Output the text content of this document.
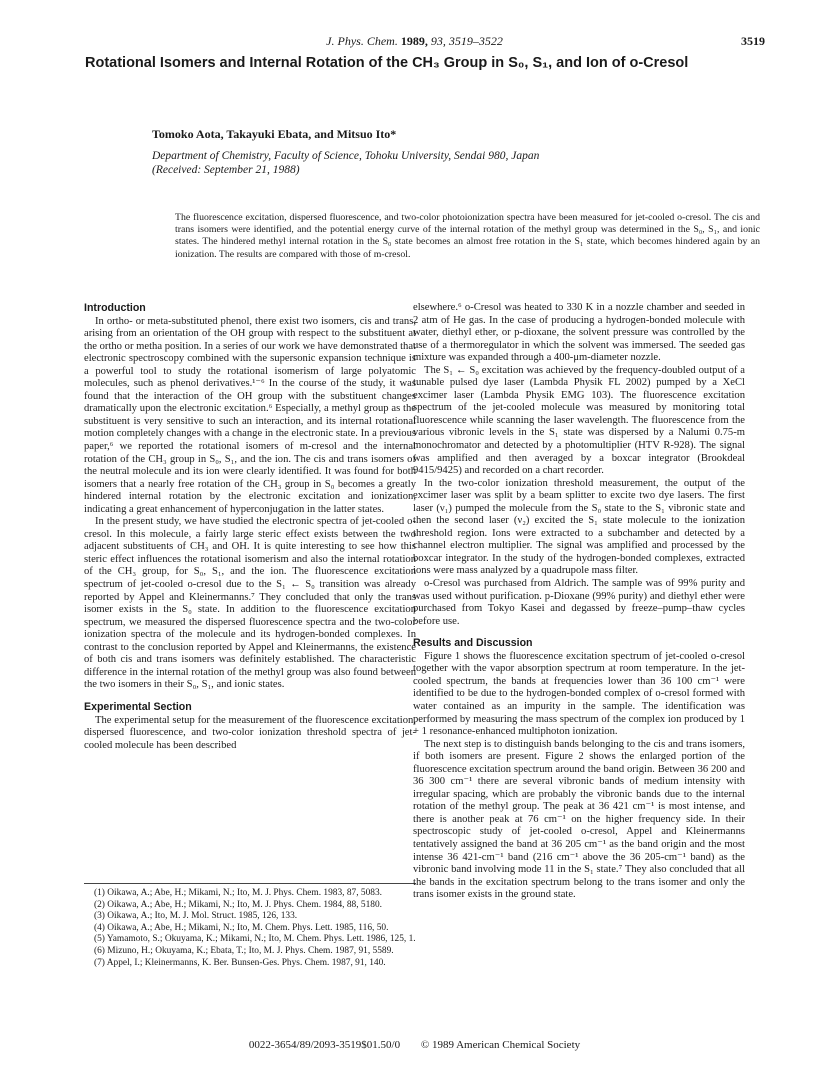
J. Phys. Chem. 1989, 93, 3519–3522	3519
Rotational Isomers and Internal Rotation of the CH₃ Group in S₀, S₁, and Ion of o-Cresol
Tomoko Aota, Takayuki Ebata, and Mitsuo Ito*
Department of Chemistry, Faculty of Science, Tohoku University, Sendai 980, Japan
(Received: September 21, 1988)
The fluorescence excitation, dispersed fluorescence, and two-color photoionization spectra have been measured for jet-cooled o-cresol. The cis and trans isomers were identified, and the potential energy curve of the internal rotation of the methyl group was determined in the S₀, S₁, and ionic states. The hindered methyl internal rotation in the S₀ state becomes an almost free rotation in the S₁ state, which becomes hindered again by an ionization. The results are compared with those of m-cresol.
Introduction

In ortho- or meta-substituted phenol, there exist two isomers, cis and trans, arising from an orientation of the OH group with respect to the substituent at the ortho or metha position. In a series of our work we have demonstrated that electronic spectroscopy combined with the supersonic expansion technique is a powerful tool to study the rotational isomerism of large polyatomic molecules, such as phenol derivatives.¹⁻⁶ In the course of the study, it was found that the interaction of the OH group with the substituent changes dramatically upon the electronic excitation.⁶ Especially, a methyl group as the substituent is very sensitive to such an interaction, and its internal rotational motion completely changes with a change in the electronic state. In a previous paper,⁶ we reported the rotational isomers of m-cresol and the internal rotation of the CH₃ group in S₀, S₁, and the ion. The cis and trans isomers of the neutral molecule and its ion were clearly identified. It was found for both isomers that a nearly free rotation of the CH₃ group in S₀ becomes a greatly hindered internal rotation by the electronic excitation and ionization, indicating a great enhancement of hyperconjugation in the latter states.

In the present study, we have studied the electronic spectra of jet-cooled o-cresol. In this molecule, a fairly large steric effect exists between the two adjacent substituents of CH₃ and OH. It is quite interesting to see how this steric effect influences the rotational isomerism and also the internal rotation of the CH₃ group, for S₀, S₁, and the ion. The fluorescence excitation spectrum of jet-cooled o-cresol due to the S₁ ← S₀ transition was already reported by Appel and Kleinermanns.⁷ They concluded that only the trans isomer exists in the S₀ state. In addition to the fluorescence excitation spectrum, we measured the dispersed fluorescence spectra and the two-color ionization spectra of the molecule and its hydrogen-bonded complexes. In contrast to the conclusion reported by Appel and Kleinermanns, the existence of both cis and trans isomers was definitely established. The characteristic difference in the internal rotation of the methyl group was also found between the two isomers in their S₀, S₁, and ionic states.

Experimental Section

The experimental setup for the measurement of the fluorescence excitation, dispersed fluorescence, and two-color ionization threshold spectra of jet-cooled molecule has been described

(1) Oikawa, A.; Abe, H.; Mikami, N.; Ito, M. J. Phys. Chem. 1983, 87, 5083.
(2) Oikawa, A.; Abe, H.; Mikami, N.; Ito, M. J. Phys. Chem. 1984, 88, 5180.
(3) Oikawa, A.; Ito, M. J. Mol. Struct. 1985, 126, 133.
(4) Oikawa, A.; Abe, H.; Mikami, N.; Ito, M. Chem. Phys. Lett. 1985, 116, 50.
(5) Yamamoto, S.; Okuyama, K.; Mikami, N.; Ito, M. Chem. Phys. Lett. 1986, 125, 1.
(6) Mizuno, H.; Okuyama, K.; Ebata, T.; Ito, M. J. Phys. Chem. 1987, 91, 5589.
(7) Appel, I.; Kleinermanns, K. Ber. Bunsen-Ges. Phys. Chem. 1987, 91, 140.

elsewhere.⁶ o-Cresol was heated to 330 K in a nozzle chamber and seeded in 2 atm of He gas. In the case of producing a hydrogen-bonded molecule with water, diethyl ether, or p-dioxane, the solvent pressure was controlled by the use of a thermoregulator in which the solvent was immersed. The seeded gas mixture was expanded through a 400-μm-diameter nozzle.

The S₁ ← S₀ excitation was achieved by the frequency-doubled output of a tunable pulsed dye laser (Lambda Physik FL 2002) pumped by a XeCl excimer laser (Lambda Physik EMG 103). The fluorescence excitation spectrum of the jet-cooled molecule was measured by monitoring total fluorescence while scanning the laser wavelength. The fluorescence from the various vibronic levels in the S₁ state was dispersed by a Nalumi 0.75-m monochromator and detected by a photomultiplier (HTV R-928). The signal was amplified and then averaged by a boxcar integrator (Brookdeal 9415/9425) and recorded on a chart recorder.

In the two-color ionization threshold measurement, the output of the excimer laser was split by a beam splitter to excite two dye lasers. The first laser (ν₁) pumped the molecule from the S₀ state to the S₁ vibronic state and then the second laser (ν₂) excited the S₁ state molecule to the ionization threshold region. Ions were extracted to a subchamber and detected by a channel electron multiplier. The signal was amplified and processed by the boxcar integrator. In the study of the hydrogen-bonded complexes, extracted ions were mass analyzed by a quadrupole mass filter.

o-Cresol was purchased from Aldrich. The sample was of 99% purity and was used without purification. p-Dioxane (99% purity) and diethyl ether were purchased from Tokyo Kasei and degassed by freeze–pump–thaw cycles before use.

Results and Discussion

Figure 1 shows the fluorescence excitation spectrum of jet-cooled o-cresol together with the vapor absorption spectrum at room temperature. In the jet-cooled spectrum, the bands at frequencies lower than 36 100 cm⁻¹ were identified to be due to the hydrogen-bonded complex of o-cresol formed with water contained as an impurity in the sample. The identification was performed by measuring the mass spectrum of the complex ion produced by 1 + 1 resonance-enhanced multiphoton ionization.

The next step is to distinguish bands belonging to the cis and trans isomers, if both isomers are present. Figure 2 shows the enlarged portion of the fluorescence excitation spectrum around the band origin. Between 36 200 and 36 300 cm⁻¹ there are several vibronic bands of medium intensity with irregular spacing, which are probably the vibronic bands due to the internal rotation of the methyl group. The peak at 36 421 cm⁻¹ is most intense, and there is another peak at 76 cm⁻¹ on the higher frequency side. In their spectroscopic study of jet-cooled o-cresol, Appel and Kleinermanns tentatively assigned the band at 36 205 cm⁻¹ as the band origin and the most intense 36 421-cm⁻¹ band (216 cm⁻¹ above the 36 205-cm⁻¹ band) as the vibronic band involving mode 11 in the S₁ state.⁷ They also concluded that all the bands in the excitation spectrum belong to the trans isomer and only the trans isomer exists in the ground state.

0022-3654/89/2093-3519$01.50/0 © 1989 American Chemical Society
